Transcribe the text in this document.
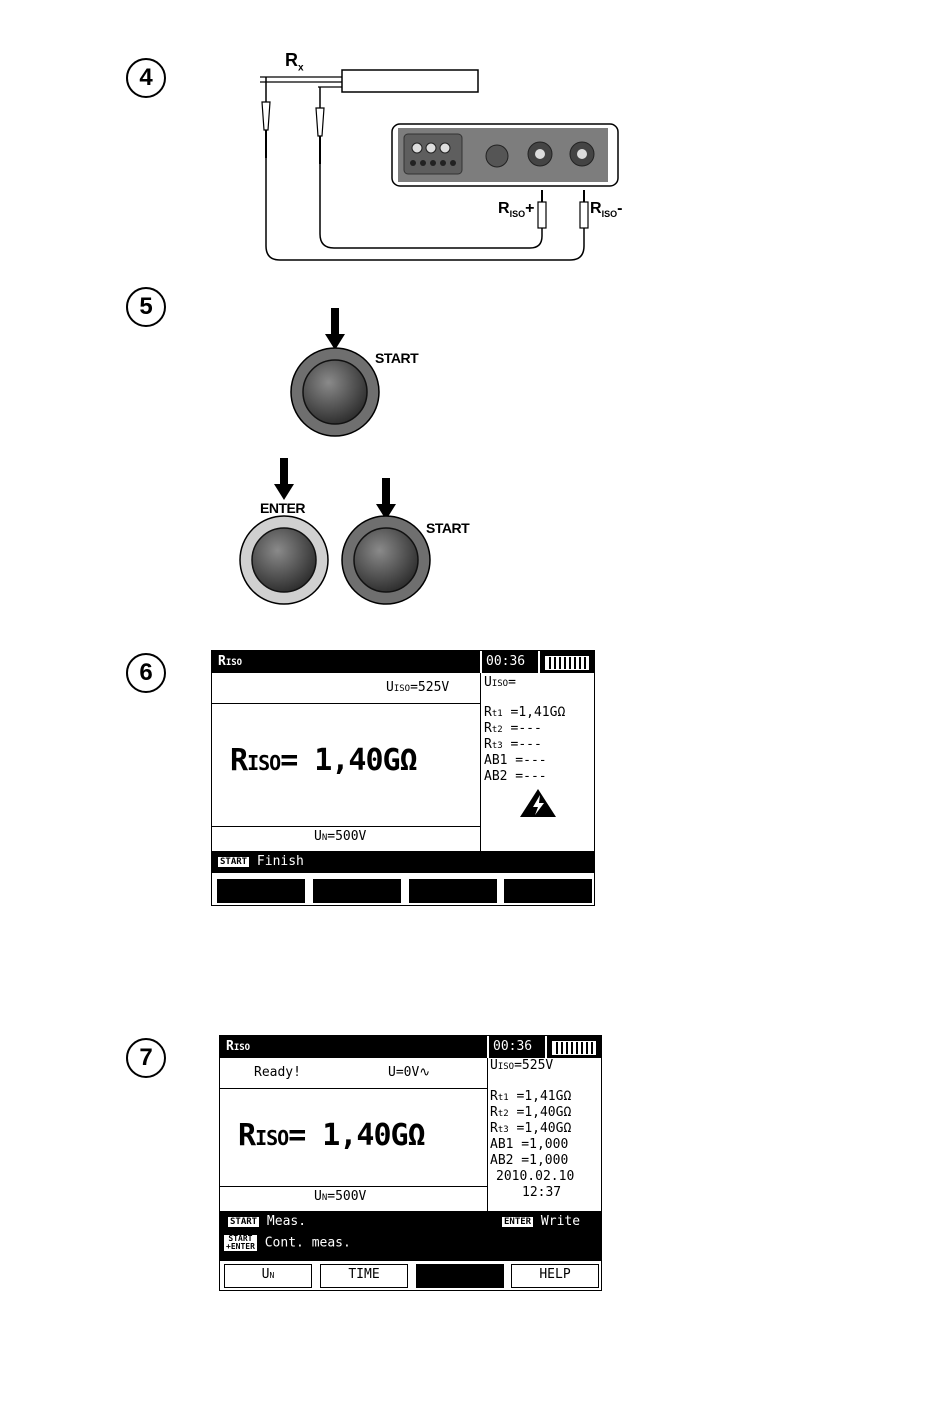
4
5
6
7
$R_x$
$R_{ISO}+$	$R_{ISO}-$
START
ENTER
START
RISO	00:36
UISO=525V
RISO= 1,40GΩ
UN=500V
UISO=
Rt1 =1,41GΩ
Rt2 =---
Rt3 =---
AB1 =---
AB2 =---
START Finish
RISO	00:36
Ready!	U=0V∿
RISO= 1,40GΩ
UN=500V
UISO=525V
Rt1 =1,41GΩ
Rt2 =1,40GΩ
Rt3 =1,40GΩ
AB1 =1,000
AB2 =1,000
2010.02.10
12:37
START Meas.	ENTER Write
START
+ENTER Cont. meas.
UN	TIME	HELP
